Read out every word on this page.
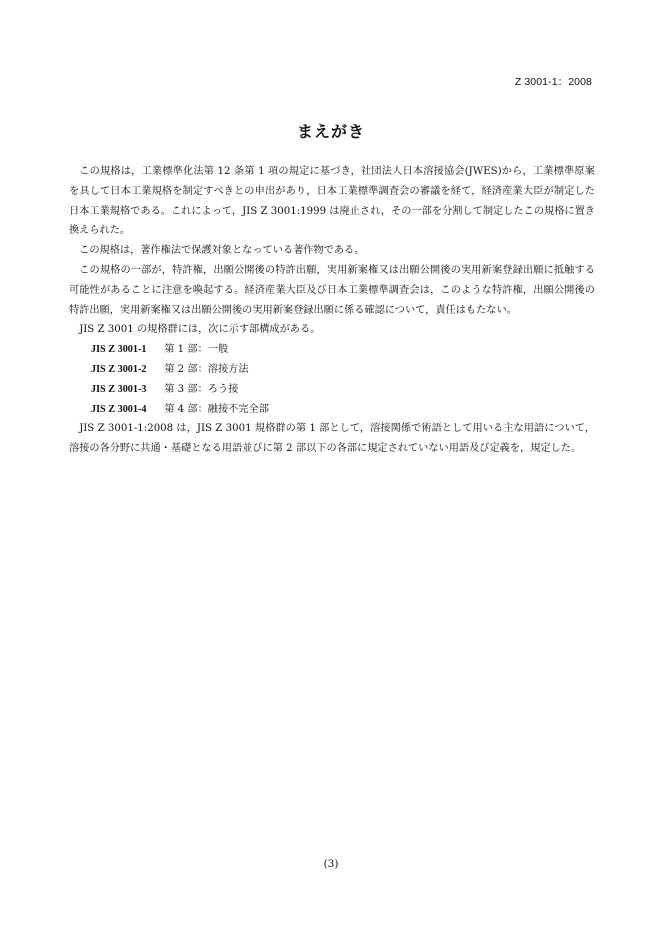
Z 3001-1：2008
まえがき

この規格は，工業標準化法第 12 条第 1 項の規定に基づき，社団法人日本溶接協会(JWES)から，工業標準原案を具して日本工業規格を制定すべきとの申出があり，日本工業標準調査会の審議を経て，経済産業大臣が制定した日本工業規格である。これによって，JIS Z 3001:1999 は廃止され，その一部を分割して制定したこの規格に置き換えられた。

この規格は，著作権法で保護対象となっている著作物である。

この規格の一部が，特許権，出願公開後の特許出願，実用新案権又は出願公開後の実用新案登録出願に抵触する可能性があることに注意を喚起する。経済産業大臣及び日本工業標準調査会は，このような特許権，出願公開後の特許出願，実用新案権又は出願公開後の実用新案登録出願に係る確認について，責任はもたない。

JIS Z 3001 の規格群には，次に示す部構成がある。

JIS Z 3001-1 第 1 部：一般
JIS Z 3001-2 第 2 部：溶接方法
JIS Z 3001-3 第 3 部：ろう接
JIS Z 3001-4 第 4 部：融接不完全部

JIS Z 3001-1:2008 は，JIS Z 3001 規格群の第 1 部として，溶接関係で術語として用いる主な用語について，溶接の各分野に共通・基礎となる用語並びに第 2 部以下の各部に規定されていない用語及び定義を，規定した。

(3)
